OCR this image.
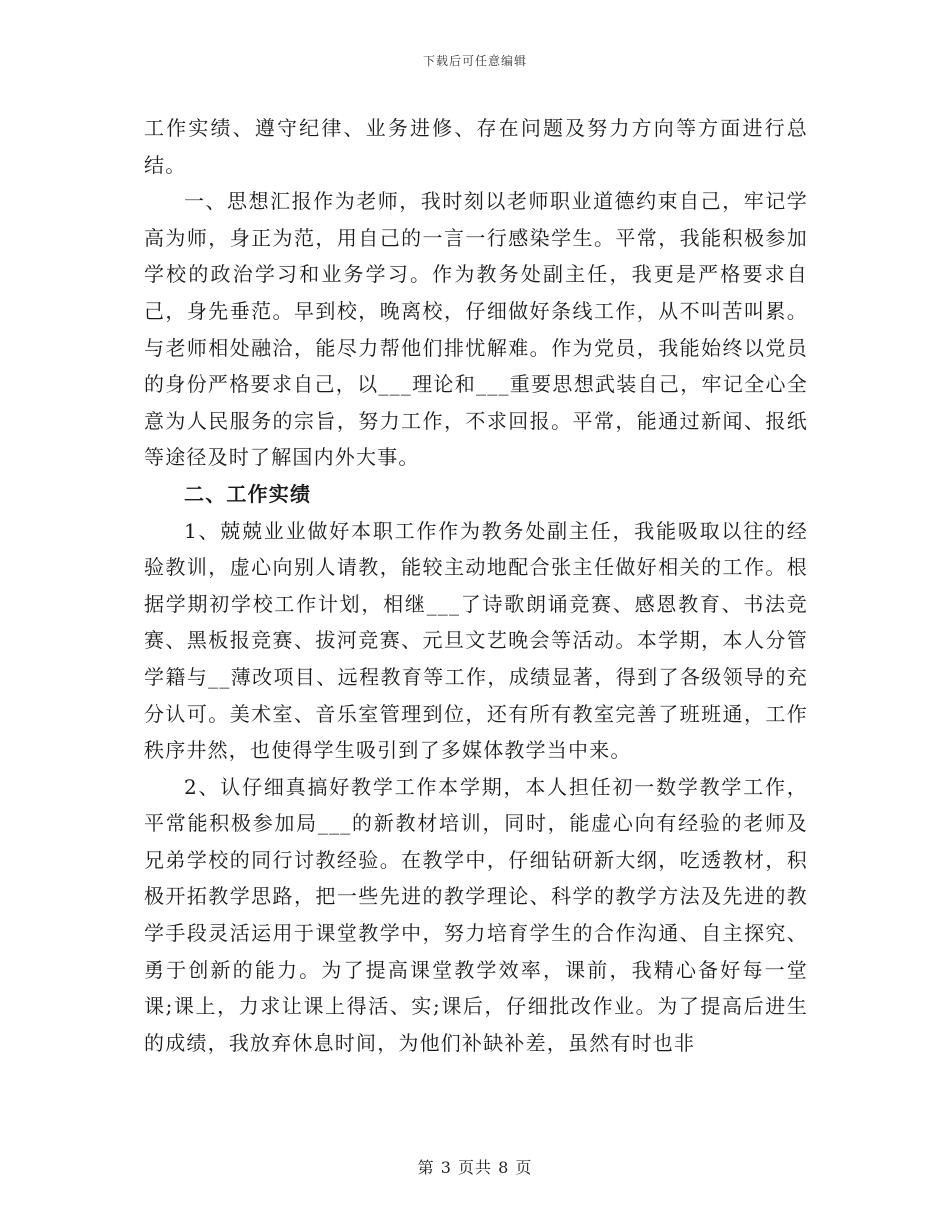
下载后可任意编辑

工作实绩、遵守纪律、业务进修、存在问题及努力方向等方面进行总结。

一、思想汇报作为老师，我时刻以老师职业道德约束自己，牢记学高为师，身正为范，用自己的一言一行感染学生。平常，我能积极参加学校的政治学习和业务学习。作为教务处副主任，我更是严格要求自己，身先垂范。早到校，晚离校，仔细做好条线工作，从不叫苦叫累。与老师相处融洽，能尽力帮他们排忧解难。作为党员，我能始终以党员的身份严格要求自己，以___理论和___重要思想武装自己，牢记全心全意为人民服务的宗旨，努力工作，不求回报。平常，能通过新闻、报纸等途径及时了解国内外大事。

二、工作实绩

1、兢兢业业做好本职工作作为教务处副主任，我能吸取以往的经验教训，虚心向别人请教，能较主动地配合张主任做好相关的工作。根据学期初学校工作计划，相继___了诗歌朗诵竞赛、感恩教育、书法竞赛、黑板报竞赛、拔河竞赛、元旦文艺晚会等活动。本学期，本人分管学籍与__薄改项目、远程教育等工作，成绩显著，得到了各级领导的充分认可。美术室、音乐室管理到位，还有所有教室完善了班班通，工作秩序井然，也使得学生吸引到了多媒体教学当中来。

2、认仔细真搞好教学工作本学期，本人担任初一数学教学工作，平常能积极参加局___的新教材培训，同时，能虚心向有经验的老师及兄弟学校的同行讨教经验。在教学中，仔细钻研新大纲，吃透教材，积极开拓教学思路，把一些先进的教学理论、科学的教学方法及先进的教学手段灵活运用于课堂教学中，努力培育学生的合作沟通、自主探究、勇于创新的能力。为了提高课堂教学效率，课前，我精心备好每一堂课;课上，力求让课上得活、实;课后，仔细批改作业。为了提高后进生的成绩，我放弃休息时间，为他们补缺补差，虽然有时也非

第 3 页共 8 页
